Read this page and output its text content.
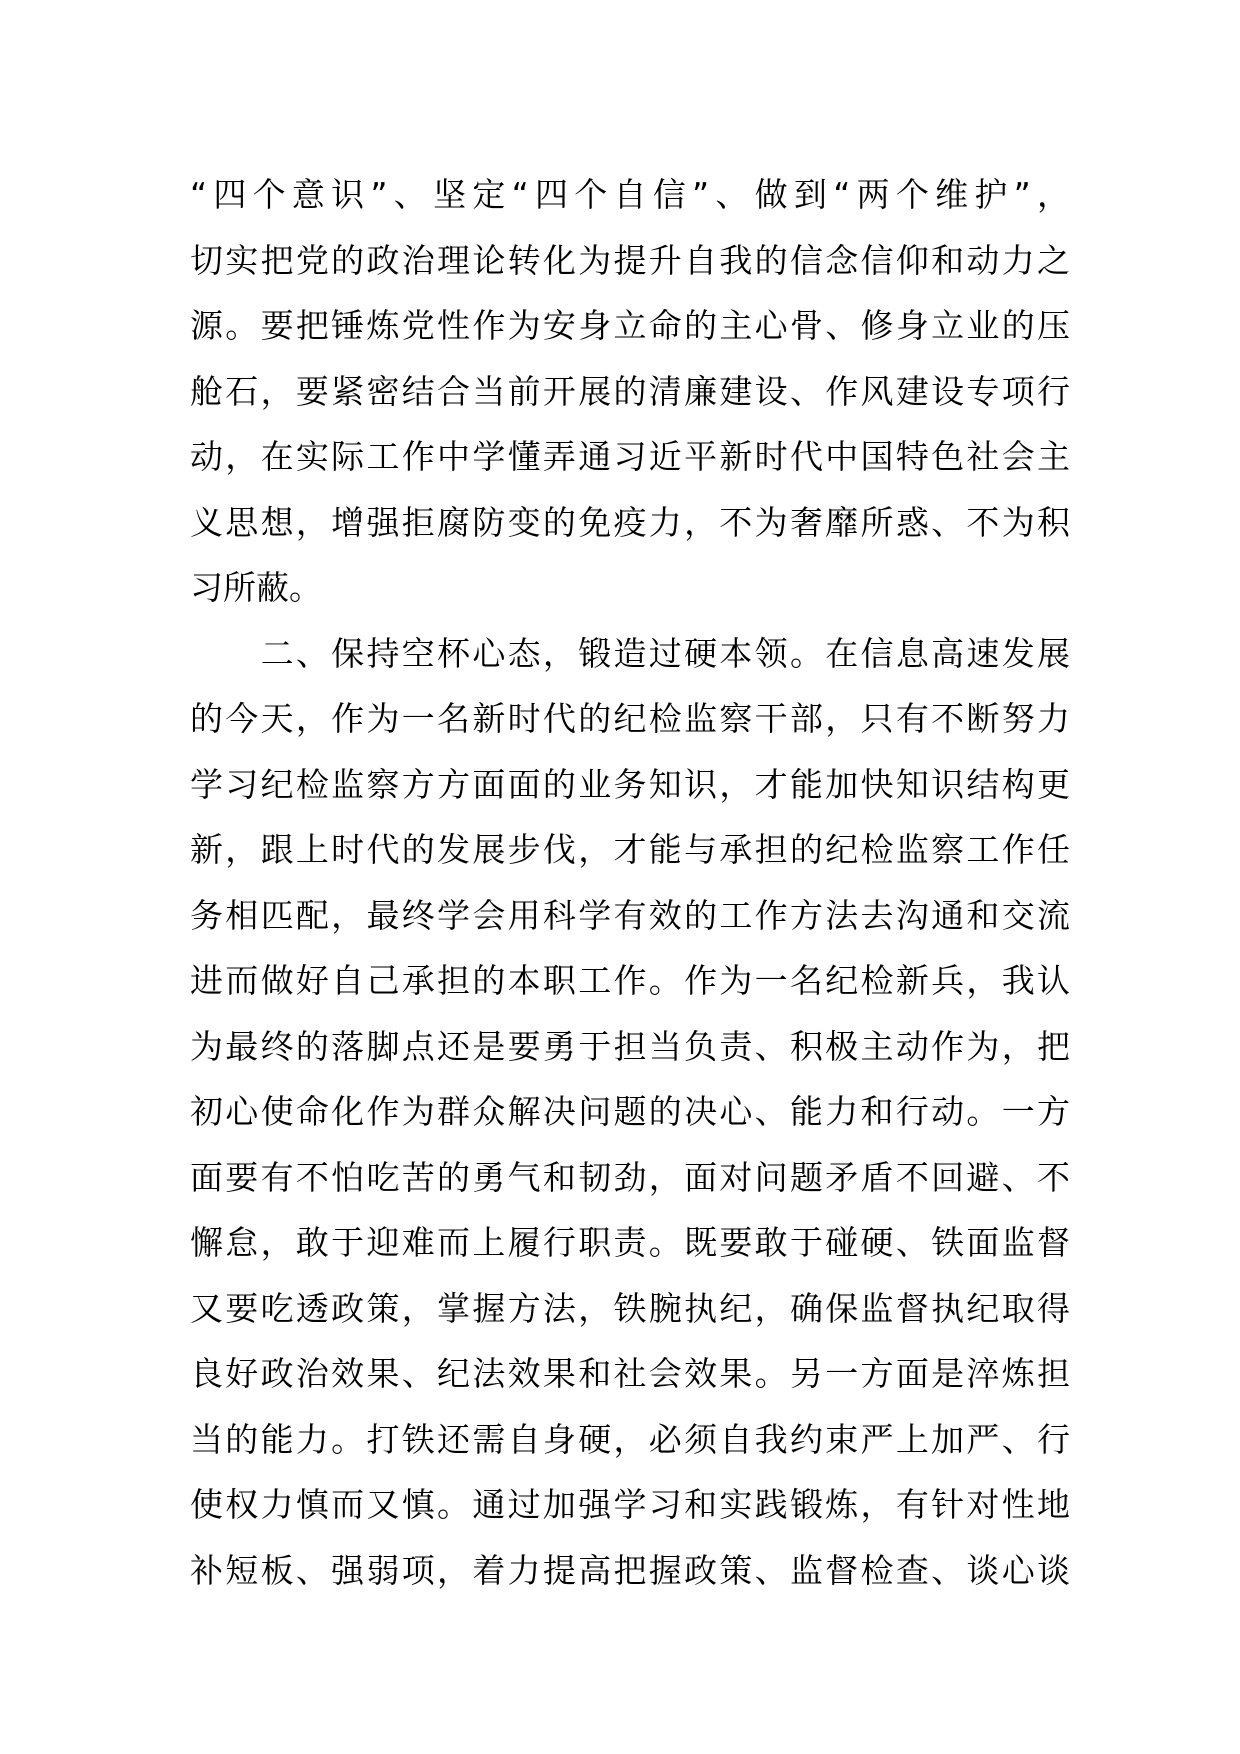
“四个意识”、坚定“四个自信”、做到“两个维护”，
切实把党的政治理论转化为提升自我的信念信仰和动力之
源。要把锤炼党性作为安身立命的主心骨、修身立业的压
舱石，要紧密结合当前开展的清廉建设、作风建设专项行
动，在实际工作中学懂弄通习近平新时代中国特色社会主
义思想，增强拒腐防变的免疫力，不为奢靡所惑、不为积
习所蔽。
　　二、保持空杯心态，锻造过硬本领。在信息高速发展
的今天，作为一名新时代的纪检监察干部，只有不断努力
学习纪检监察方方面面的业务知识，才能加快知识结构更
新，跟上时代的发展步伐，才能与承担的纪检监察工作任
务相匹配，最终学会用科学有效的工作方法去沟通和交流
进而做好自己承担的本职工作。作为一名纪检新兵，我认
为最终的落脚点还是要勇于担当负责、积极主动作为，把
初心使命化作为群众解决问题的决心、能力和行动。一方
面要有不怕吃苦的勇气和韧劲，面对问题矛盾不回避、不
懈怠，敢于迎难而上履行职责。既要敢于碰硬、铁面监督
又要吃透政策，掌握方法，铁腕执纪，确保监督执纪取得
良好政治效果、纪法效果和社会效果。另一方面是淬炼担
当的能力。打铁还需自身硬，必须自我约束严上加严、行
使权力慎而又慎。通过加强学习和实践锻炼，有针对性地
补短板、强弱项，着力提高把握政策、监督检查、谈心谈
